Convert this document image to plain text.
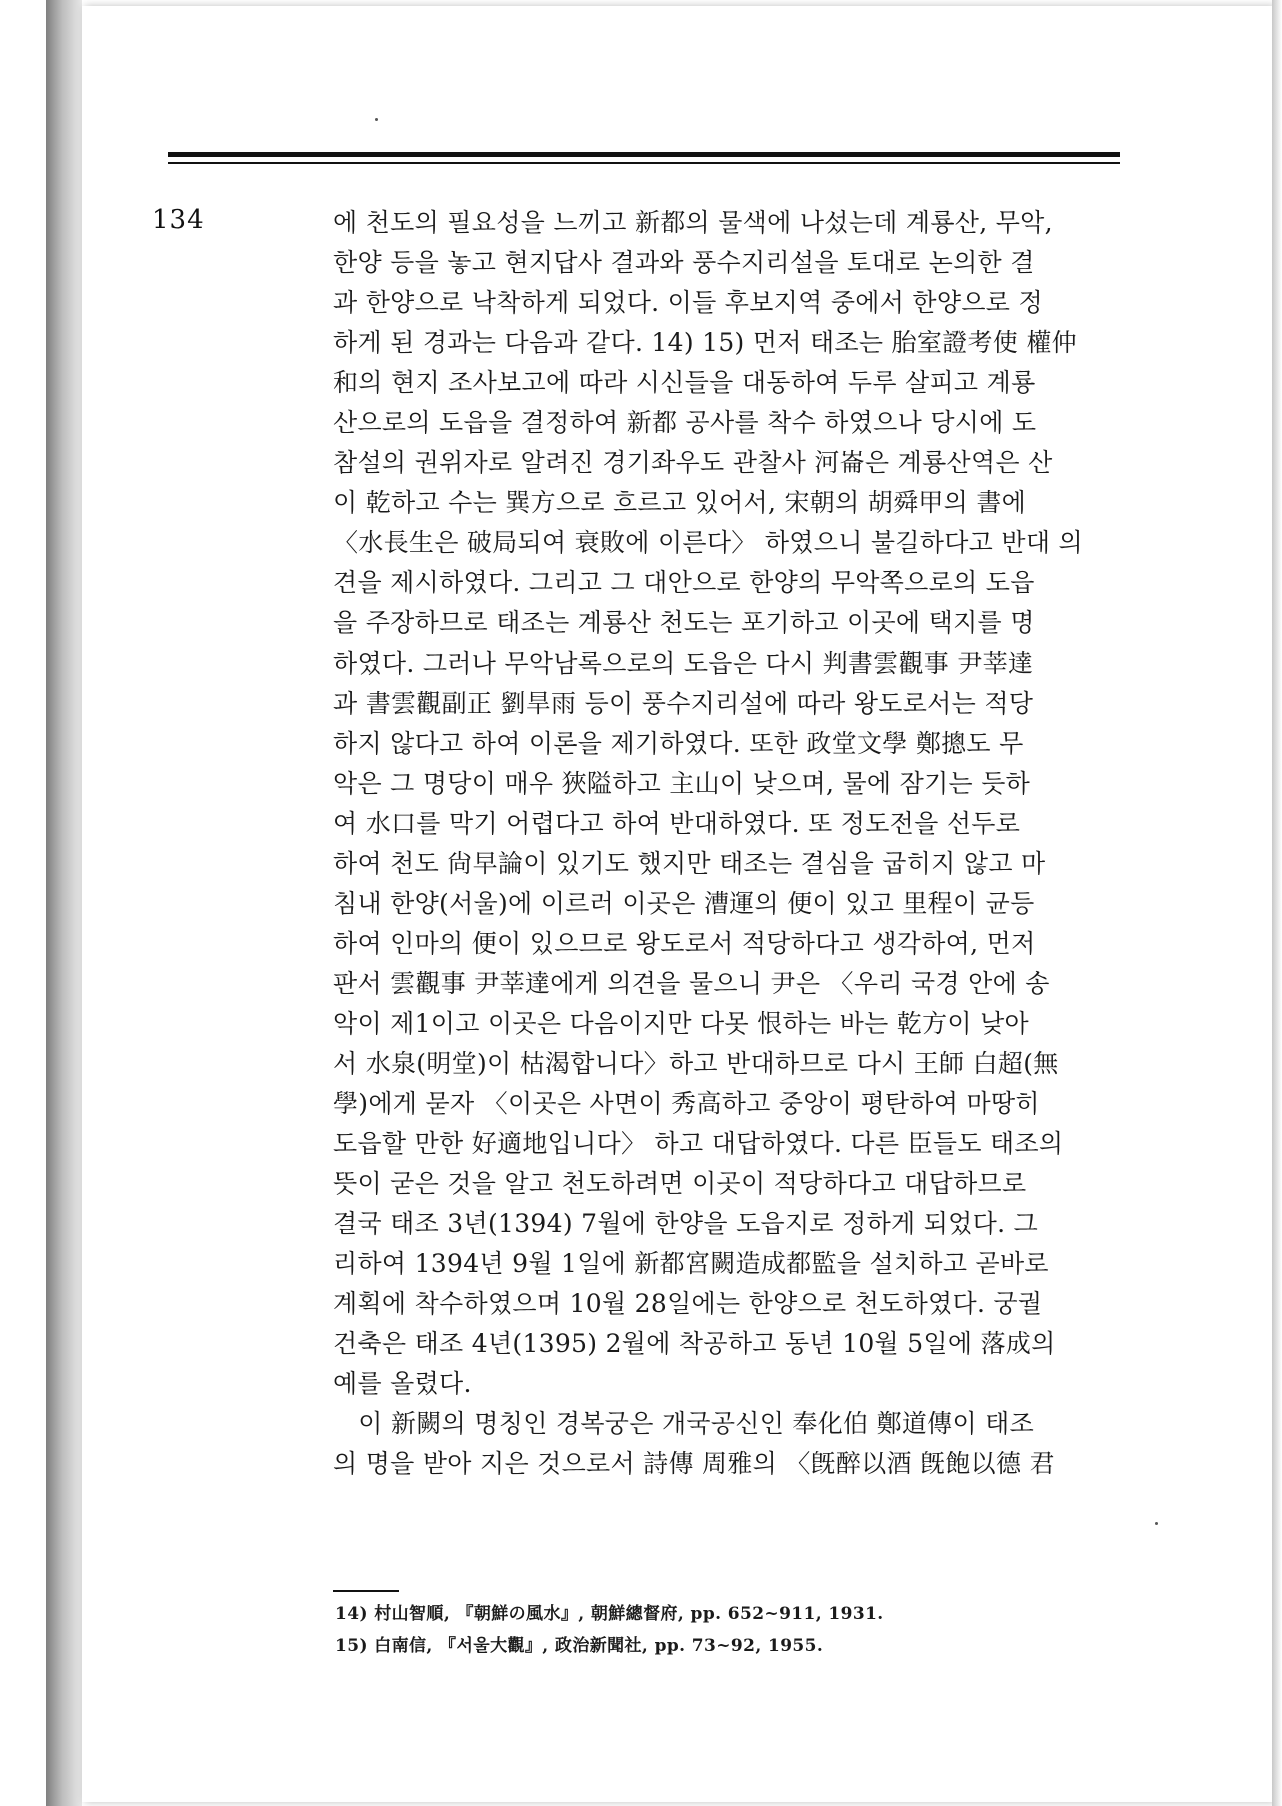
134	에 천도의 필요성을 느끼고 新都의 물색에 나섰는데 계룡산, 무악,
한양 등을 놓고 현지답사 결과와 풍수지리설을 토대로 논의한 결
과 한양으로 낙착하게 되었다. 이들 후보지역 중에서 한양으로 정
하게 된 경과는 다음과 같다. 14) 15) 먼저 태조는 胎室證考使 權仲
和의 현지 조사보고에 따라 시신들을 대동하여 두루 살피고 계룡
산으로의 도읍을 결정하여 新都 공사를 착수 하였으나 당시에 도
참설의 권위자로 알려진 경기좌우도 관찰사 河崙은 계룡산역은 산
이 乾하고 수는 巽方으로 흐르고 있어서, 宋朝의 胡舜甲의 書에
〈水長生은 破局되여 衰敗에 이른다〉 하였으니 불길하다고 반대 의
견을 제시하였다. 그리고 그 대안으로 한양의 무악쪽으로의 도읍
을 주장하므로 태조는 계룡산 천도는 포기하고 이곳에 택지를 명
하였다. 그러나 무악남록으로의 도읍은 다시 判書雲觀事 尹莘達
과 書雲觀副正 劉旱雨 등이 풍수지리설에 따라 왕도로서는 적당
하지 않다고 하여 이론을 제기하였다. 또한 政堂文學 鄭摠도 무
악은 그 명당이 매우 狹隘하고 主山이 낮으며, 물에 잠기는 듯하
여 水口를 막기 어렵다고 하여 반대하였다. 또 정도전을 선두로
하여 천도 尙早論이 있기도 했지만 태조는 결심을 굽히지 않고 마
침내 한양(서울)에 이르러 이곳은 漕運의 便이 있고 里程이 균등
하여 인마의 便이 있으므로 왕도로서 적당하다고 생각하여, 먼저
판서 雲觀事 尹莘達에게 의견을 물으니 尹은 〈우리 국경 안에 송
악이 제1이고 이곳은 다음이지만 다못 恨하는 바는 乾方이 낮아
서 水泉(明堂)이 枯渴합니다〉하고 반대하므로 다시 王師 白超(無
學)에게 묻자 〈이곳은 사면이 秀高하고 중앙이 평탄하여 마땅히
도읍할 만한 好適地입니다〉 하고 대답하였다. 다른 臣들도 태조의
뜻이 굳은 것을 알고 천도하려면 이곳이 적당하다고 대답하므로
결국 태조 3년(1394) 7월에 한양을 도읍지로 정하게 되었다. 그
리하여 1394년 9월 1일에 新都宮闕造成都監을 설치하고 곧바로
계획에 착수하였으며 10월 28일에는 한양으로 천도하였다. 궁궐
건축은 태조 4년(1395) 2월에 착공하고 동년 10월 5일에 落成의
예를 올렸다.
　이 新闕의 명칭인 경복궁은 개국공신인 奉化伯 鄭道傳이 태조
의 명을 받아 지은 것으로서 詩傳 周雅의 〈旣醉以酒 旣飽以德 君
14) 村山智順, 『朝鮮の風水』, 朝鮮總督府, pp. 652~911, 1931.
15) 白南信, 『서울大觀』, 政治新聞社, pp. 73~92, 1955.
